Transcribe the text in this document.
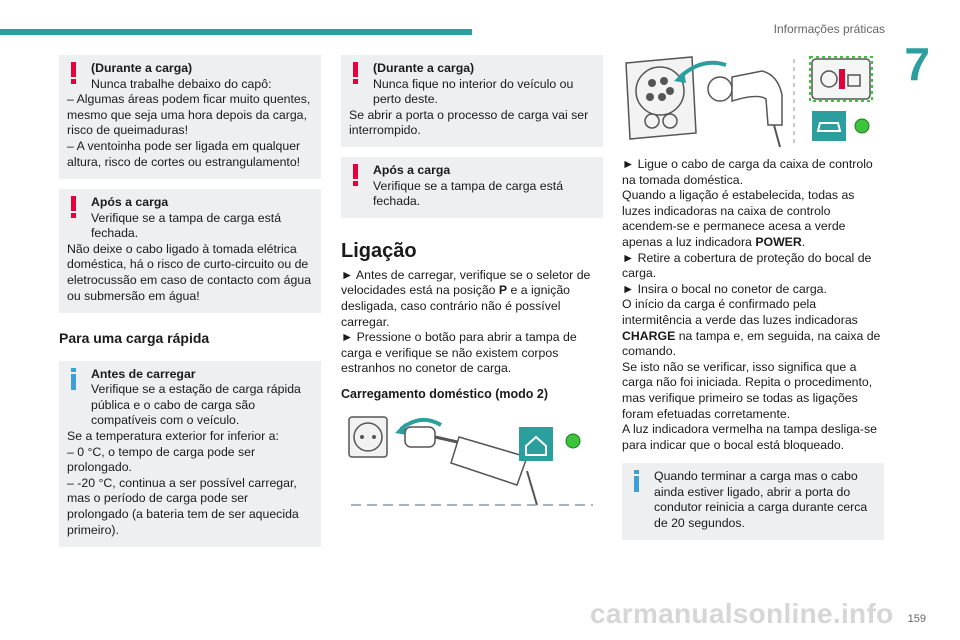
Informações práticas
7
159
carmanualsonline.info
(Durante a carga)
Nunca trabalhe debaixo do capô:
– Algumas áreas podem ficar muito quentes, mesmo que seja uma hora depois da carga, risco de queimaduras!
– A ventoinha pode ser ligada em qualquer altura, risco de cortes ou estrangulamento!
Após a carga
Verifique se a tampa de carga está fechada.
Não deixe o cabo ligado à tomada elétrica doméstica, há o risco de curto-circuito ou de eletrocussão em caso de contacto com água ou submersão em água!
Para uma carga rápida
Antes de carregar
Verifique se a estação de carga rápida pública e o cabo de carga são compatíveis com o veículo.
Se a temperatura exterior for inferior a:
– 0 °C, o tempo de carga pode ser prolongado.
– -20 °C, continua a ser possível carregar, mas o período de carga pode ser prolongado (a bateria tem de ser aquecida primeiro).
(Durante a carga)
Nunca fique no interior do veículo ou perto deste.
Se abrir a porta o processo de carga vai ser interrompido.
Após a carga
Verifique se a tampa de carga está fechada.
Ligação

► Antes de carregar, verifique se o seletor de velocidades está na posição P e a ignição desligada, caso contrário não é possível carregar.

► Pressione o botão para abrir a tampa de carga e verifique se não existem corpos estranhos no conetor de carga.

Carregamento doméstico (modo 2)

► Ligue o cabo de carga da caixa de controlo na tomada doméstica.

Quando a ligação é estabelecida, todas as luzes indicadoras na caixa de controlo acendem-se e permanece acesa a verde apenas a luz indicadora POWER.

► Retire a cobertura de proteção do bocal de carga.

► Insira o bocal no conetor de carga.

O início da carga é confirmado pela intermitência a verde das luzes indicadoras CHARGE na tampa e, em seguida, na caixa de comando.

Se isto não se verificar, isso significa que a carga não foi iniciada. Repita o procedimento, mas verifique primeiro se todas as ligações foram efetuadas corretamente.

A luz indicadora vermelha na tampa desliga-se para indicar que o bocal está bloqueado.

Quando terminar a carga mas o cabo ainda estiver ligado, abrir a porta do condutor reinicia a carga durante cerca de 20 segundos.
